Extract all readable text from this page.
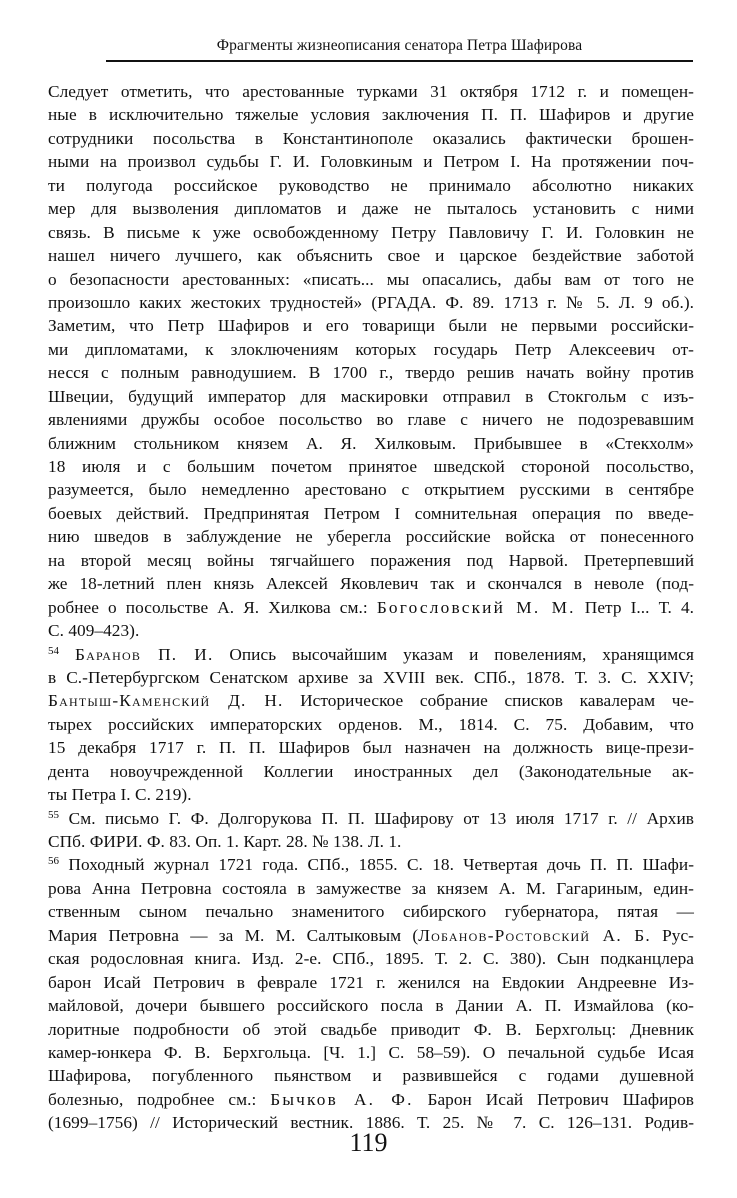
Фрагменты жизнеописания сенатора Петра Шафирова
Следует отметить, что арестованные турками 31 октября 1712 г. и помещен-
ные в исключительно тяжелые условия заключения П. П. Шафиров и другие
сотрудники посольства в Константинополе оказались фактически брошен-
ными на произвол судьбы Г. И. Головкиным и Петром I. На протяжении поч-
ти полугода российское руководство не принимало абсолютно никаких
мер для вызволения дипломатов и даже не пыталось установить с ними
связь. В письме к уже освобожденному Петру Павловичу Г. И. Головкин не
нашел ничего лучшего, как объяснить свое и царское бездействие заботой
о безопасности арестованных: «писать... мы опасались, дабы вам от того не
произошло каких жестоких трудностей» (РГАДА. Ф. 89. 1713 г. № 5. Л. 9 об.).
Заметим, что Петр Шафиров и его товарищи были не первыми российски-
ми дипломатами, к злоключениям которых государь Петр Алексеевич от-
несся с полным равнодушием. В 1700 г., твердо решив начать войну против
Швеции, будущий император для маскировки отправил в Стокгольм с изъ-
явлениями дружбы особое посольство во главе с ничего не подозревавшим
ближним стольником князем А. Я. Хилковым. Прибывшее в «Стекхолм»
18 июля и с большим почетом принятое шведской стороной посольство,
разумеется, было немедленно арестовано с открытием русскими в сентябре
боевых действий. Предпринятая Петром I сомнительная операция по введе-
нию шведов в заблуждение не уберегла российские войска от понесенного
на второй месяц войны тягчайшего поражения под Нарвой. Претерпевший
же 18-летний плен князь Алексей Яковлевич так и скончался в неволе (под-
робнее о посольстве А. Я. Хилкова см.: Богословский М. М. Петр I... Т. 4.
С. 409–423).
$^{54}$ Баранов П. И. Опись высочайшим указам и повелениям, хранящимся
в С.-Петербургском Сенатском архиве за XVIII век. СПб., 1878. Т. 3. С. XXIV;
Бантыш-Каменский Д. Н. Историческое собрание списков кавалерам че-
тырех российских императорских орденов. М., 1814. С. 75. Добавим, что
15 декабря 1717 г. П. П. Шафиров был назначен на должность вице-прези-
дента новоучрежденной Коллегии иностранных дел (Законодательные ак-
ты Петра I. С. 219).
$^{55}$ См. письмо Г. Ф. Долгорукова П. П. Шафирову от 13 июля 1717 г. // Архив
СПб. ФИРИ. Ф. 83. Оп. 1. Карт. 28. № 138. Л. 1.
$^{56}$ Походный журнал 1721 года. СПб., 1855. С. 18. Четвертая дочь П. П. Шафи-
рова Анна Петровна состояла в замужестве за князем А. М. Гагариным, един-
ственным сыном печально знаменитого сибирского губернатора, пятая —
Мария Петровна — за М. М. Салтыковым (Лобанов-Ростовский А. Б. Рус-
ская родословная книга. Изд. 2-е. СПб., 1895. Т. 2. С. 380). Сын подканцлера
барон Исай Петрович в феврале 1721 г. женился на Евдокии Андреевне Из-
майловой, дочери бывшего российского посла в Дании А. П. Измайлова (ко-
лоритные подробности об этой свадьбе приводит Ф. В. Берхгольц: Дневник
камер-юнкера Ф. В. Берхгольца. [Ч. 1.] С. 58–59). О печальной судьбе Исая
Шафирова, погубленного пьянством и развившейся с годами душевной
болезнью, подробнее см.: Бычков А. Ф. Барон Исай Петрович Шафиров
(1699–1756) // Исторический вестник. 1886. Т. 25. № 7. С. 126–131. Родив-
119
